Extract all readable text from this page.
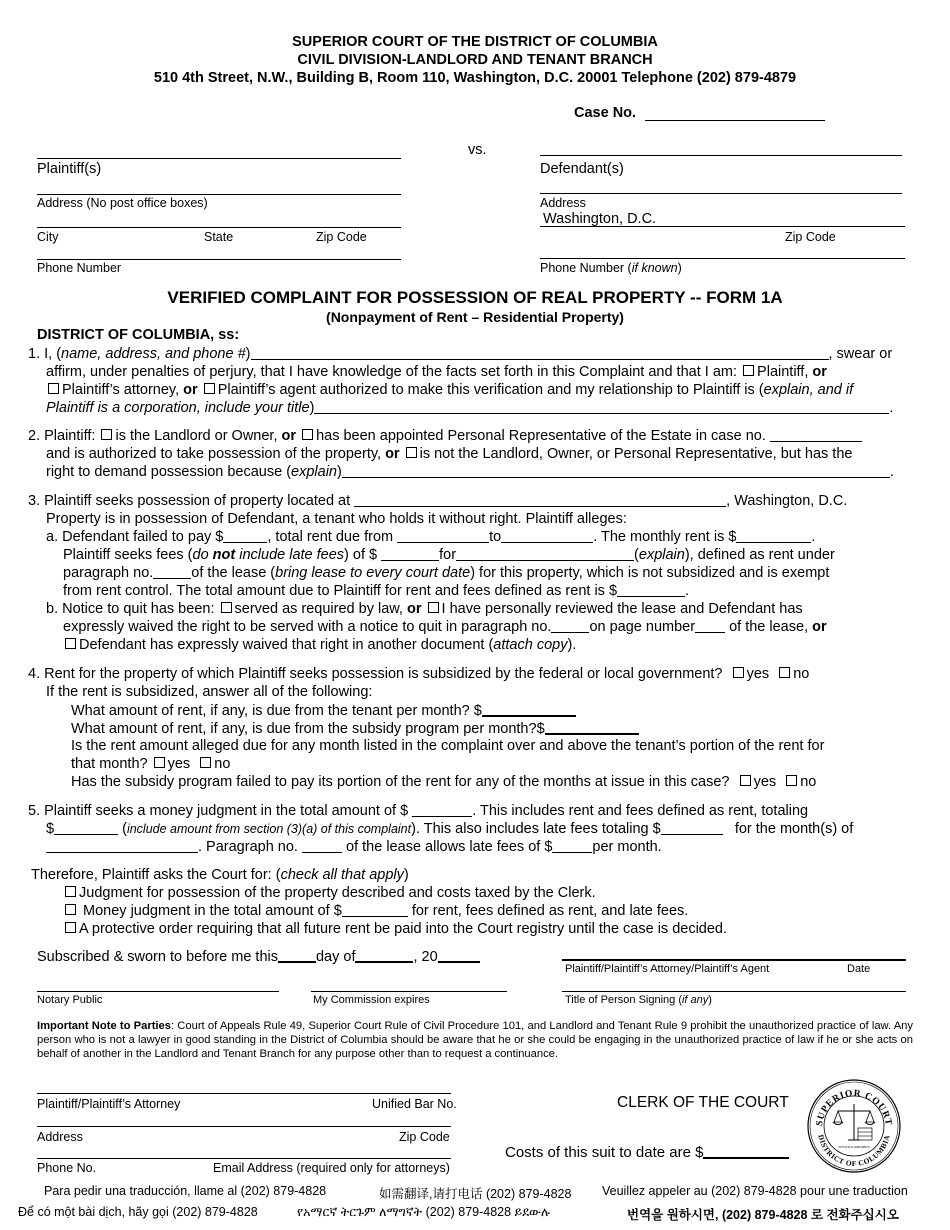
SUPERIOR COURT OF THE DISTRICT OF COLUMBIA
CIVIL DIVISION-LANDLORD AND TENANT BRANCH
510 4th Street, N.W., Building B, Room 110, Washington, D.C. 20001 Telephone (202) 879-4879
Case No.
vs.
Plaintiff(s)
Address (No post office boxes)
City	State	Zip Code
Phone Number
Defendant(s)
Address
Washington, D.C.
Zip Code
Phone Number (if known)
VERIFIED COMPLAINT FOR POSSESSION OF REAL PROPERTY -- FORM 1A
(Nonpayment of Rent – Residential Property)
DISTRICT OF COLUMBIA, ss:
1. I, (name, address, and phone #)	, swear or
affirm, under penalties of perjury, that I have knowledge of the facts set forth in this Complaint and that I am: Plaintiff, or
Plaintiff’s attorney, or Plaintiff’s agent authorized to make this verification and my relationship to Plaintiff is (explain, and if
Plaintiff is a corporation, include your title)	.
2. Plaintiff: is the Landlord or Owner, or has been appointed Personal Representative of the Estate in case no.
and is authorized to take possession of the property, or is not the Landlord, Owner, or Personal Representative, but has the
right to demand possession because (explain)	.
3. Plaintiff seeks possession of property located at	, Washington, D.C.
Property is in possession of Defendant, a tenant who holds it without right. Plaintiff alleges:
a. Defendant failed to pay $	, total rent due from	to	. The monthly rent is $	.
Plaintiff seeks fees (do not include late fees) of $	for	(explain), defined as rent under
paragraph no.	of the lease (bring lease to every court date) for this property, which is not subsidized and is exempt
from rent control. The total amount due to Plaintiff for rent and fees defined as rent is $	.
b. Notice to quit has been: served as required by law, or I have personally reviewed the lease and Defendant has
expressly waived the right to be served with a notice to quit in paragraph no.	on page number of the lease, or
Defendant has expressly waived that right in another document (attach copy).
4. Rent for the property of which Plaintiff seeks possession is subsidized by the federal or local government? yes no
If the rent is subsidized, answer all of the following:
What amount of rent, if any, is due from the tenant per month? $
What amount of rent, if any, is due from the subsidy program per month?$
Is the rent amount alleged due for any month listed in the complaint over and above the tenant’s portion of the rent for
that month? yes no
Has the subsidy program failed to pay its portion of the rent for any of the months at issue in this case? yes no
5. Plaintiff seeks a money judgment in the total amount of $	. This includes rent and fees defined as rent, totaling
$	(include amount from section (3)(a) of this complaint). This also includes late fees totaling $	for the month(s) of
. Paragraph no.	of the lease allows late fees of $	per month.
Therefore, Plaintiff asks the Court for: (check all that apply)
Judgment for possession of the property described and costs taxed by the Clerk.
Money judgment in the total amount of $	for rent, fees defined as rent, and late fees.
A protective order requiring that all future rent be paid into the Court registry until the case is decided.
Subscribed & sworn to before me this	day of	, 20
Plaintiff/Plaintiff’s Attorney/Plaintiff’s Agent	Date
Notary Public	My Commission expires	Title of Person Signing (if any)
Important Note to Parties: Court of Appeals Rule 49, Superior Court Rule of Civil Procedure 101, and Landlord and Tenant Rule 9 prohibit the unauthorized practice of law. Any person who is not a lawyer in good standing in the District of Columbia should be aware that he or she could be engaging in the unauthorized practice of law if he or she acts on behalf of another in the Landlord and Tenant Branch for any purpose other than to request a continuance.
Plaintiff/Plaintiff’s Attorney	Unified Bar No.
Address	Zip Code
Phone No.	Email Address (required only for attorneys)
CLERK OF THE COURT
Costs of this suit to date are $
SUPERIOR COURT
DISTRICT OF COLUMBIA
JUSTITIA OMNIBUS
Para pedir una traducción, llame al (202) 879-4828	如需翻译,请打电话 (202) 879-4828 Veuillez appeler au (202) 879-4828 pour une traduction
Để có một bài dịch, hãy gọi (202) 879-4828	የአማርኛ ትርጉም ለማግኛት (202) 879-4828 ይደውሉ	번역을 원하시면, (202) 879-4828 로 전화주십시오
